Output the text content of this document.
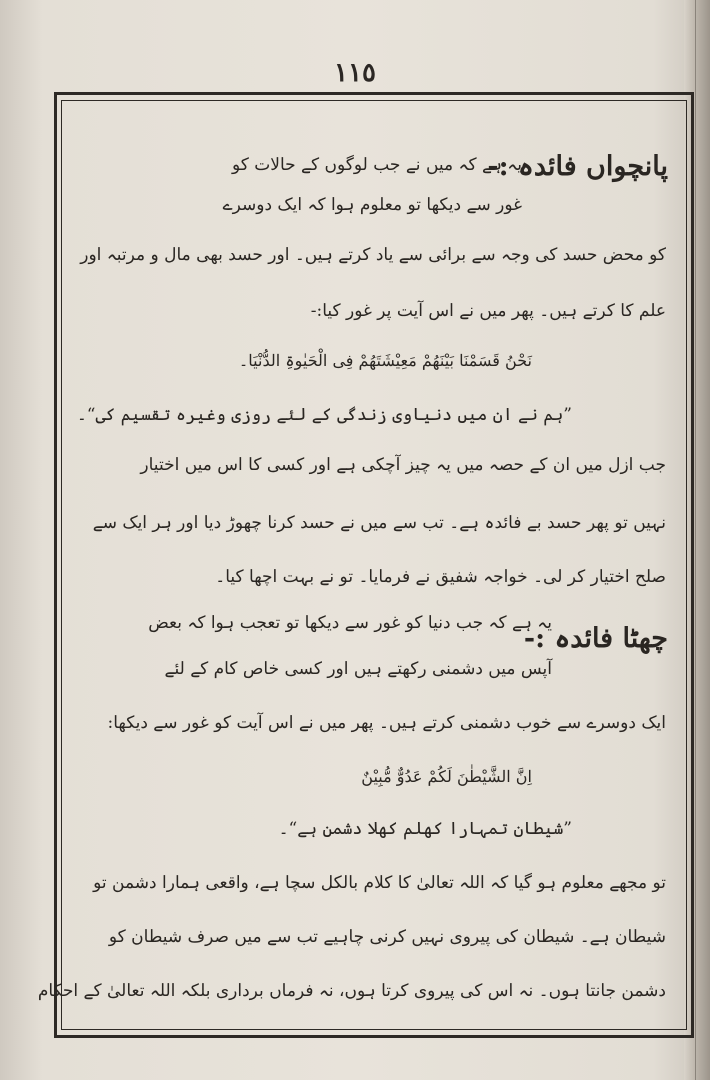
١١٥
پانچواں فائدہ :-
یہ ہے کہ میں نے جب لوگوں کے حالات کو
غور سے دیکھا تو معلوم ہوا کہ ایک دوسرے
کو محض حسد کی وجہ سے برائی سے یاد کرتے ہیں۔ اور حسد بھی مال و مرتبہ اور
علم کا کرتے ہیں۔ پھر میں نے اس آیت پر غور کیا:-
نَحْنُ قَسَمْنَا بَیْنَھُمْ مَعِیْشَتَھُمْ فِی الْحَیٰوۃِ الدُّنْیَا۔
”ہم نے ان میں دنیاوی زندگی کے لئے روزی وغیرہ تقسیم کی“۔
جب ازل میں ان کے حصہ میں یہ چیز آچکی ہے اور کسی کا اس میں اختیار
نہیں تو پھر حسد بے فائدہ ہے۔ تب سے میں نے حسد کرنا چھوڑ دیا اور ہر ایک سے
صلح اختیار کر لی۔ خواجہ شفیق نے فرمایا۔ تو نے بہت اچھا کیا۔
چھٹا فائدہ :-
یہ ہے کہ جب دنیا کو غور سے دیکھا تو تعجب ہوا کہ بعض
آپس میں دشمنی رکھتے ہیں اور کسی خاص کام کے لئے
ایک دوسرے سے خوب دشمنی کرتے ہیں۔ پھر میں نے اس آیت کو غور سے دیکھا:
اِنَّ الشَّیْطٰنَ لَکُمْ عَدُوٌّ مُّبِیْنٌ
”شیطان تمہارا کھلم کھلا دشمن ہے“۔
تو مجھے معلوم ہو گیا کہ اللہ تعالیٰ کا کلام بالکل سچا ہے، واقعی ہمارا دشمن تو
شیطان ہے۔ شیطان کی پیروی نہیں کرنی چاہیے تب سے میں صرف شیطان کو
دشمن جانتا ہوں۔ نہ اس کی پیروی کرتا ہوں، نہ فرماں برداری بلکہ اللہ تعالیٰ کے احکام
